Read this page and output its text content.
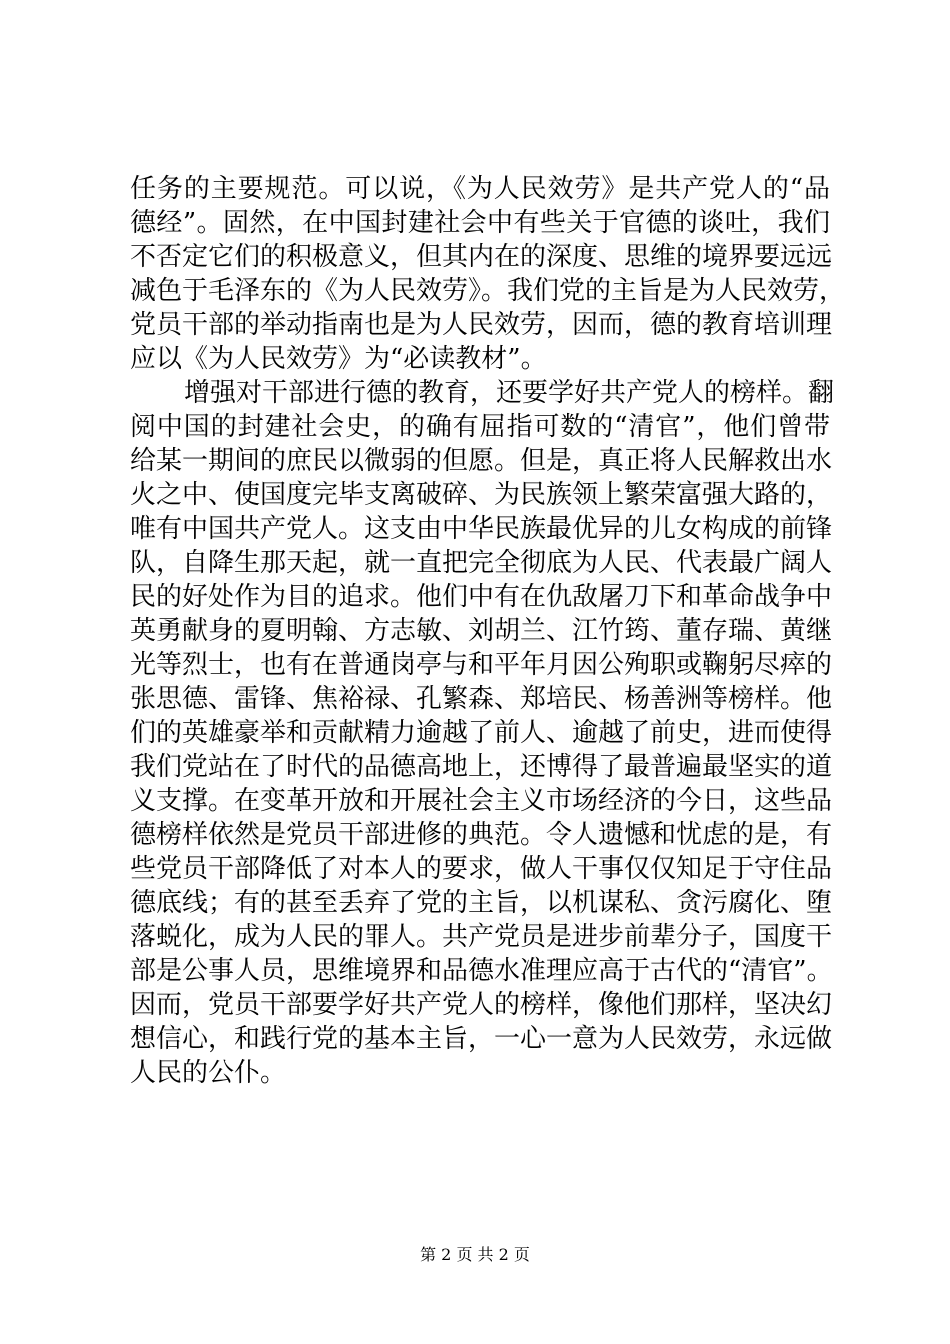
任务的主要规范。可以说，《为人民效劳》是共产党人的“品
德经”。固然，在中国封建社会中有些关于官德的谈吐，我们
不否定它们的积极意义，但其内在的深度、思维的境界要远远
减色于毛泽东的《为人民效劳》。我们党的主旨是为人民效劳，
党员干部的举动指南也是为人民效劳，因而，德的教育培训理
应以《为人民效劳》为“必读教材”。
增强对干部进行德的教育，还要学好共产党人的榜样。翻
阅中国的封建社会史，的确有屈指可数的“清官”，他们曾带
给某一期间的庶民以微弱的但愿。但是，真正将人民解救出水
火之中、使国度完毕支离破碎、为民族领上繁荣富强大路的，
唯有中国共产党人。这支由中华民族最优异的儿女构成的前锋
队，自降生那天起，就一直把完全彻底为人民、代表最广阔人
民的好处作为目的追求。他们中有在仇敌屠刀下和革命战争中
英勇献身的夏明翰、方志敏、刘胡兰、江竹筠、董存瑞、黄继
光等烈士，也有在普通岗亭与和平年月因公殉职或鞠躬尽瘁的
张思德、雷锋、焦裕禄、孔繁森、郑培民、杨善洲等榜样。他
们的英雄豪举和贡献精力逾越了前人、逾越了前史，进而使得
我们党站在了时代的品德高地上，还博得了最普遍最坚实的道
义支撑。在变革开放和开展社会主义市场经济的今日，这些品
德榜样依然是党员干部进修的典范。令人遗憾和忧虑的是，有
些党员干部降低了对本人的要求，做人干事仅仅知足于守住品
德底线；有的甚至丢弃了党的主旨，以机谋私、贪污腐化、堕
落蜕化，成为人民的罪人。共产党员是进步前辈分子，国度干
部是公事人员，思维境界和品德水准理应高于古代的“清官”。
因而，党员干部要学好共产党人的榜样，像他们那样，坚决幻
想信心，和践行党的基本主旨，一心一意为人民效劳，永远做
人民的公仆。
第 2 页 共 2 页
